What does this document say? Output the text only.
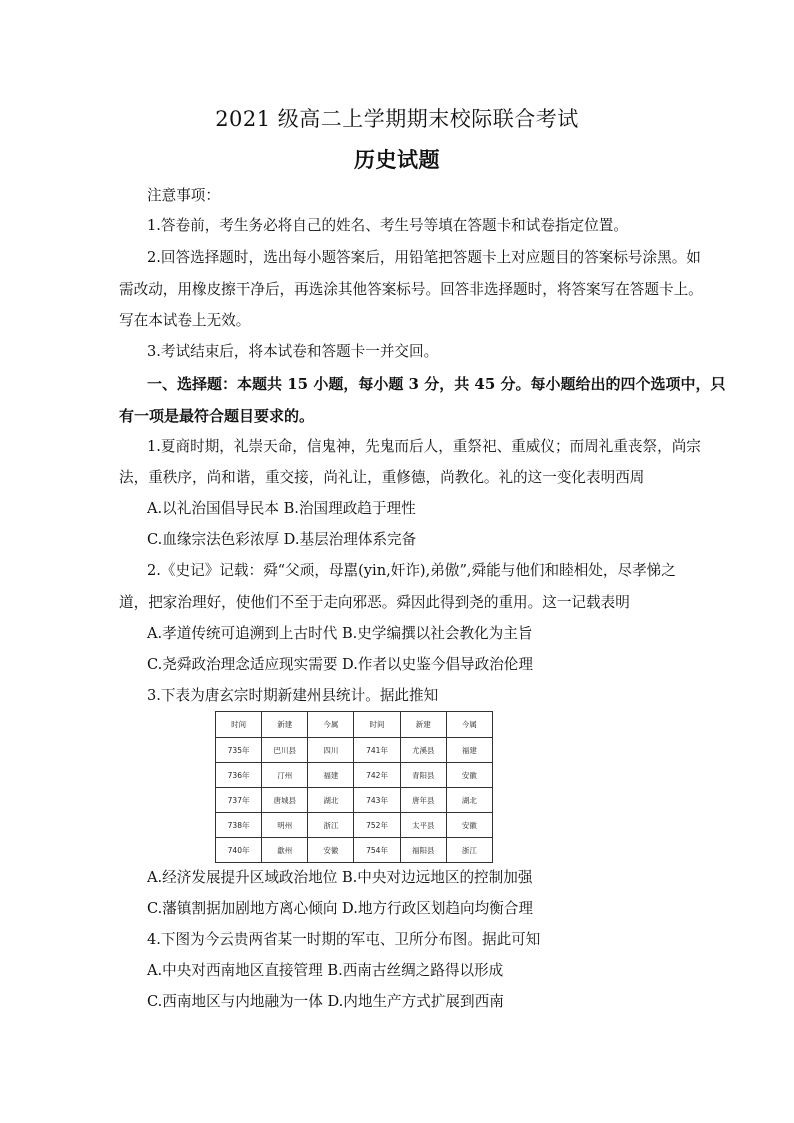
2021 级高二上学期期末校际联合考试
历史试题
注意事项：
1.答卷前，考生务必将自己的姓名、考生号等填在答题卡和试卷指定位置。
2.回答选择题时，选出每小题答案后，用铅笔把答题卡上对应题目的答案标号涂黑。如
需改动，用橡皮擦干净后，再选涂其他答案标号。回答非选择题时，将答案写在答题卡上。
写在本试卷上无效。
3.考试结束后，将本试卷和答题卡一并交回。
一、选择题：本题共 15 小题，每小题 3 分，共 45 分。每小题给出的四个选项中，只
有一项是最符合题目要求的。
1.夏商时期，礼崇天命，信鬼神，先鬼而后人，重祭祀、重威仪；而周礼重丧祭，尚宗
法，重秩序，尚和谐，重交接，尚礼让，重修德，尚教化。礼的这一变化表明西周
A.以礼治国倡导民本 B.治国理政趋于理性
C.血缘宗法色彩浓厚 D.基层治理体系完备
2.《史记》记载：舜“父顽，母嚚(yin,奸诈),弟傲”,舜能与他们和睦相处，尽孝悌之
道，把家治理好，使他们不至于走向邪恶。舜因此得到尧的重用。这一记载表明
A.孝道传统可追溯到上古时代 B.史学编撰以社会教化为主旨
C.尧舜政治理念适应现实需要 D.作者以史鉴今倡导政治伦理
3.下表为唐玄宗时期新建州县统计。据此推知
时间	新建	今属	时间	新建	今属
735年	巴川县	四川	741年	尤溪县	福建
736年	汀州	福建	742年	青阳县	安徽
737年	唐城县	湖北	743年	唐年县	湖北
738年	明州	浙江	752年	太平县	安徽
740年	歙州	安徽	754年	福阳县	浙江
A.经济发展提升区域政治地位 B.中央对边远地区的控制加强
C.藩镇割据加剧地方离心倾向 D.地方行政区划趋向均衡合理
4.下图为今云贵两省某一时期的军屯、卫所分布图。据此可知
A.中央对西南地区直接管理 B.西南古丝绸之路得以形成
C.西南地区与内地融为一体 D.内地生产方式扩展到西南
